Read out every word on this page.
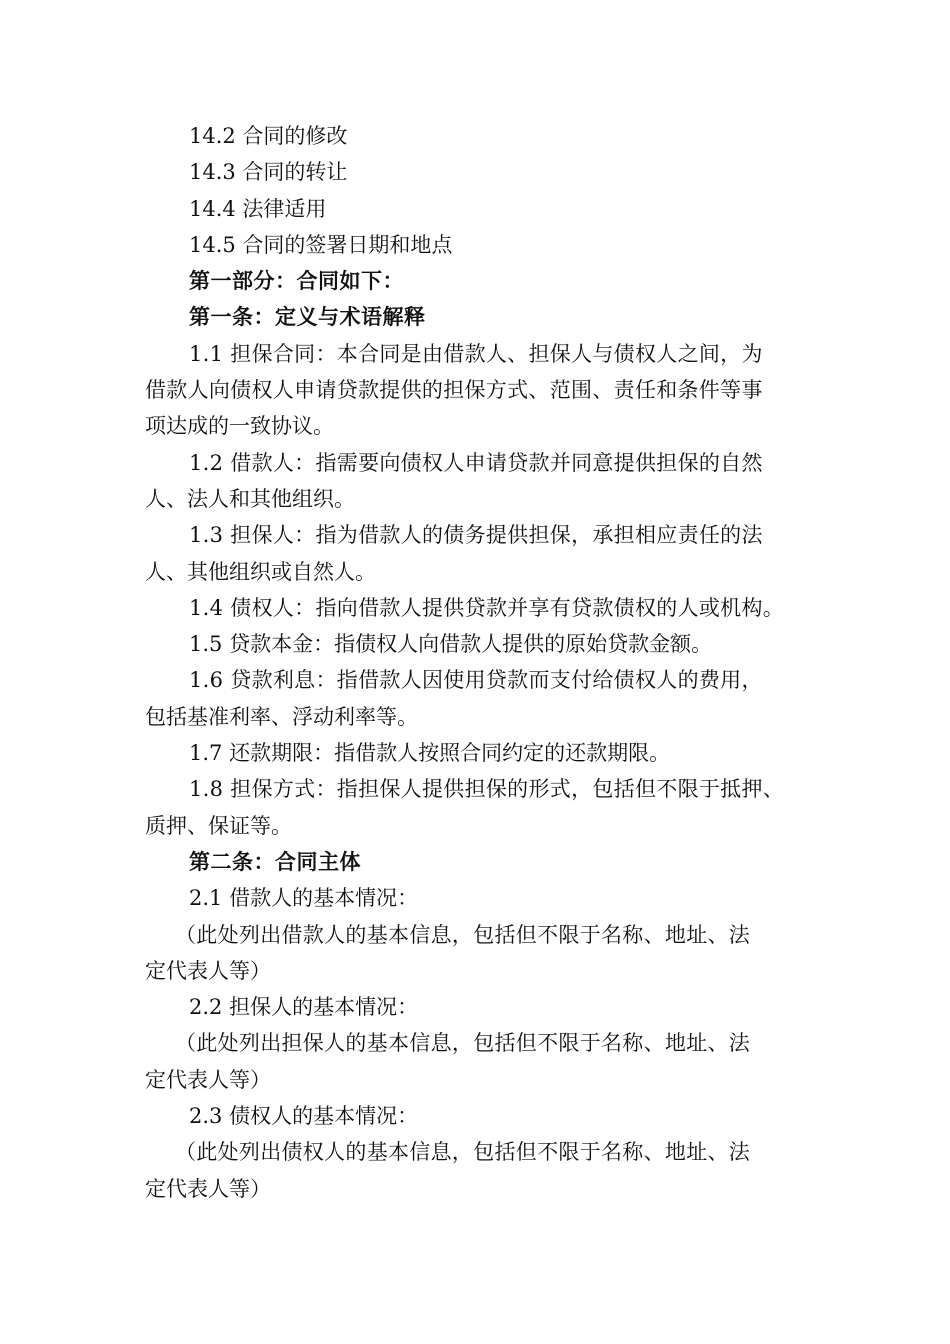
14.2 合同的修改

14.3 合同的转让

14.4 法律适用

14.5 合同的签署日期和地点

第一部分：合同如下：

第一条：定义与术语解释

1.1 担保合同：本合同是由借款人、担保人与债权人之间，为

借款人向债权人申请贷款提供的担保方式、范围、责任和条件等事

项达成的一致协议。

1.2 借款人：指需要向债权人申请贷款并同意提供担保的自然

人、法人和其他组织。

1.3 担保人：指为借款人的债务提供担保，承担相应责任的法

人、其他组织或自然人。

1.4 债权人：指向借款人提供贷款并享有贷款债权的人或机构。

1.5 贷款本金：指债权人向借款人提供的原始贷款金额。

1.6 贷款利息：指借款人因使用贷款而支付给债权人的费用，

包括基准利率、浮动利率等。

1.7 还款期限：指借款人按照合同约定的还款期限。

1.8 担保方式：指担保人提供担保的形式，包括但不限于抵押、

质押、保证等。

第二条：合同主体

2.1 借款人的基本情况：

（此处列出借款人的基本信息，包括但不限于名称、地址、法

定代表人等）

2.2 担保人的基本情况：

（此处列出担保人的基本信息，包括但不限于名称、地址、法

定代表人等）

2.3 债权人的基本情况：

（此处列出债权人的基本信息，包括但不限于名称、地址、法

定代表人等）
